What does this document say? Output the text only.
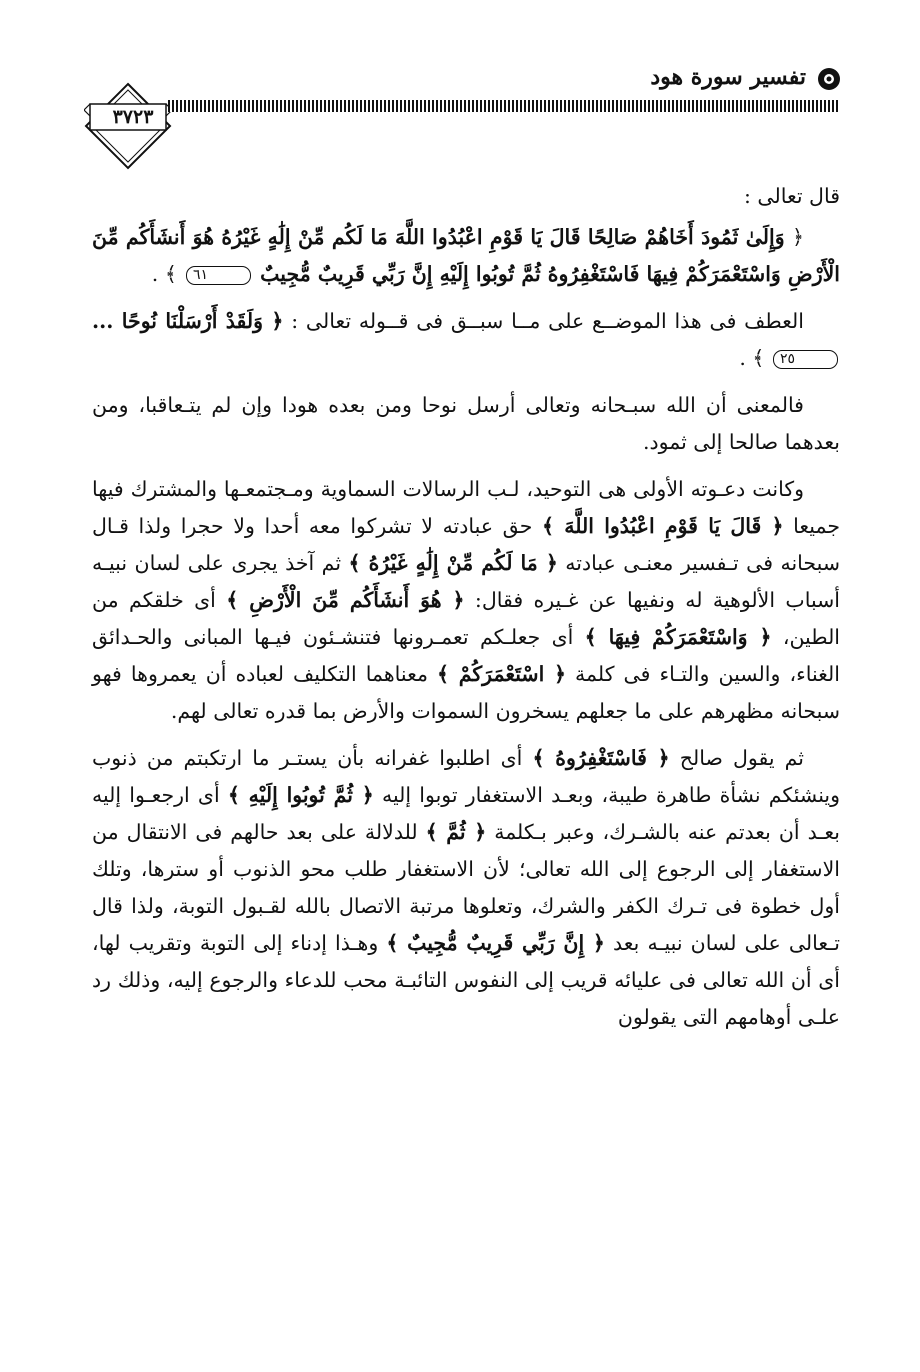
٣٧٢٣
تفسير سورة هود

قال تعالى :

﴿ وَإِلَىٰ ثَمُودَ أَخَاهُمْ صَالِحًا قَالَ يَا قَوْمِ اعْبُدُوا اللَّهَ مَا لَكُم مِّنْ إِلَٰهٍ غَيْرُهُ هُوَ أَنشَأَكُم مِّنَ الْأَرْضِ وَاسْتَعْمَرَكُمْ فِيهَا فَاسْتَغْفِرُوهُ ثُمَّ تُوبُوا إِلَيْهِ إِنَّ رَبِّي قَرِيبٌ مُّجِيبٌ ٦١ ﴾ .

العطف فى هذا الموضــع على مــا سبــق فى قــوله تعالى : ﴿ وَلَقَدْ أَرْسَلْنَا نُوحًا ... ٢٥ ﴾ .

فالمعنى أن الله سبـحانه وتعالى أرسل نوحا ومن بعده هودا وإن لم يتـعاقبا، ومن بعدهما صالحا إلى ثمود.

وكانت دعـوته الأولى هى التوحيد، لـب الرسالات السماوية ومـجتمعـها والمشترك فيها جميعا ﴿ قَالَ يَا قَوْمِ اعْبُدُوا اللَّهَ ﴾ حق عبادته لا تشركوا معه أحدا ولا حجرا ولذا قـال سبحانه فى تـفسير معنـى عبادته ﴿ مَا لَكُم مِّنْ إِلَٰهٍ غَيْرُهُ ﴾ ثم آخذ يجرى على لسان نبيـه أسباب الألوهية له ونفيها عن غـيره فقال: ﴿ هُوَ أَنشَأَكُم مِّنَ الْأَرْضِ ﴾ أى خلقكم من الطين، ﴿ وَاسْتَعْمَرَكُمْ فِيهَا ﴾ أى جعلـكم تعمـرونها فتنشـئون فيـها المبانى والحـدائق الغناء، والسين والتـاء فى كلمة ﴿ اسْتَعْمَرَكُمْ ﴾ معناهما التكليف لعباده أن يعمروها فهو سبحانه مظهرهم على ما جعلهم يسخرون السموات والأرض بما قدره تعالى لهم.

ثم يقول صالح ﴿ فَاسْتَغْفِرُوهُ ﴾ أى اطلبوا غفرانه بأن يستـر ما ارتكبتم من ذنوب وينشئكم نشأة طاهرة طيبة، وبعـد الاستغفار توبوا إليه ﴿ ثُمَّ تُوبُوا إِلَيْهِ ﴾ أى ارجعـوا إليه بعـد أن بعدتم عنه بالشـرك، وعبر بـكلمة ﴿ ثُمَّ ﴾ للدلالة على بعد حالهم فى الانتقال من الاستغفار إلى الرجوع إلى الله تعالى؛ لأن الاستغفار طلب محو الذنوب أو سترها، وتلك أول خطوة فى تـرك الكفر والشرك، وتعلوها مرتبة الاتصال بالله لقـبول التوبة، ولذا قال تـعالى على لسان نبيـه بعد ﴿ إِنَّ رَبِّي قَرِيبٌ مُّجِيبٌ ﴾ وهـذا إدناء إلى التوبة وتقريب لها، أى أن الله تعالى فى عليائه قريب إلى النفوس التائبـة محب للدعاء والرجوع إليه، وذلك رد علـى أوهامهم التى يقولون
